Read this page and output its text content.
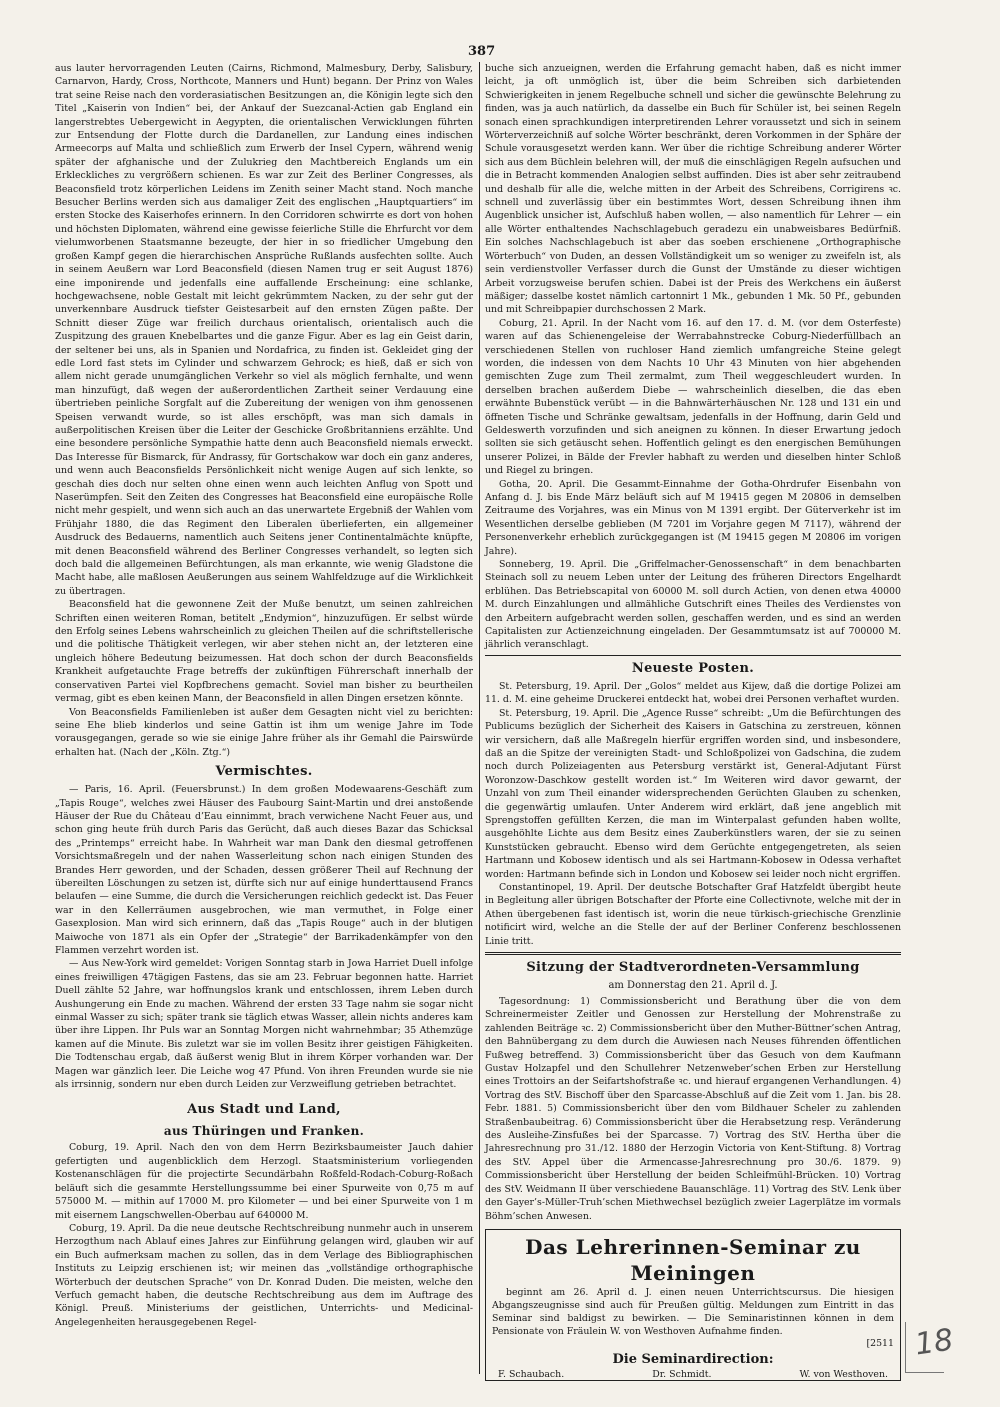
387

aus lauter hervorragenden Leuten (Cairns, Richmond, Malmesbury, Derby, Salisbury, Carnarvon, Hardy, Cross, Northcote, Manners und Hunt) begann. Der Prinz von Wales trat seine Reise nach den vorderasiatischen Besitzungen an, die Königin legte sich den Titel „Kaiserin von Indien“ bei, der Ankauf der Suezcanal-Actien gab England ein langerstrebtes Uebergewicht in Aegypten, die orientalischen Verwicklungen führten zur Entsendung der Flotte durch die Dardanellen, zur Landung eines indischen Armeecorps auf Malta und schließlich zum Erwerb der Insel Cypern, während wenig später der afghanische und der Zulukrieg den Machtbereich Englands um ein Erkleckliches zu vergrößern schienen. Es war zur Zeit des Berliner Congresses, als Beaconsfield trotz körperlichen Leidens im Zenith seiner Macht stand. Noch manche Besucher Berlins werden sich aus damaliger Zeit des englischen „Hauptquartiers“ im ersten Stocke des Kaiserhofes erinnern. In den Corridoren schwirrte es dort von hohen und höchsten Diplomaten, während eine gewisse feierliche Stille die Ehrfurcht vor dem vielumworbenen Staatsmanne bezeugte, der hier in so friedlicher Umgebung den großen Kampf gegen die hierarchischen Ansprüche Rußlands ausfechten sollte. Auch in seinem Aeußern war Lord Beaconsfield (diesen Namen trug er seit August 1876) eine imponirende und jedenfalls eine auffallende Erscheinung: eine schlanke, hochgewachsene, noble Gestalt mit leicht gekrümmtem Nacken, zu der sehr gut der unverkennbare Ausdruck tiefster Geistesarbeit auf den ernsten Zügen paßte. Der Schnitt dieser Züge war freilich durchaus orientalisch, orientalisch auch die Zuspitzung des grauen Knebelbartes und die ganze Figur. Aber es lag ein Geist darin, der seltener bei uns, als in Spanien und Nordafrica, zu finden ist. Gekleidet ging der edle Lord fast stets im Cylinder und schwarzem Gehrock; es hieß, daß er sich von allem nicht gerade unumgänglichen Verkehr so viel als möglich fernhalte, und wenn man hinzufügt, daß wegen der außerordentlichen Zartheit seiner Verdauung eine übertrieben peinliche Sorgfalt auf die Zubereitung der wenigen von ihm genossenen Speisen verwandt wurde, so ist alles erschöpft, was man sich damals in außerpolitischen Kreisen über die Leiter der Geschicke Großbritanniens erzählte. Und eine besondere persönliche Sympathie hatte denn auch Beaconsfield niemals erweckt. Das Interesse für Bismarck, für Andrassy, für Gortschakow war doch ein ganz anderes, und wenn auch Beaconsfields Persönlichkeit nicht wenige Augen auf sich lenkte, so geschah dies doch nur selten ohne einen wenn auch leichten Anflug von Spott und Naserümpfen. Seit den Zeiten des Congresses hat Beaconsfield eine europäische Rolle nicht mehr gespielt, und wenn sich auch an das unerwartete Ergebniß der Wahlen vom Frühjahr 1880, die das Regiment den Liberalen überlieferten, ein allgemeiner Ausdruck des Bedauerns, namentlich auch Seitens jener Continentalmächte knüpfte, mit denen Beaconsfield während des Berliner Congresses verhandelt, so legten sich doch bald die allgemeinen Befürchtungen, als man erkannte, wie wenig Gladstone die Macht habe, alle maßlosen Aeußerungen aus seinem Wahlfeldzuge auf die Wirklichkeit zu übertragen.

Beaconsfield hat die gewonnene Zeit der Muße benutzt, um seinen zahlreichen Schriften einen weiteren Roman, betitelt „Endymion“, hinzuzufügen. Er selbst würde den Erfolg seines Lebens wahrscheinlich zu gleichen Theilen auf die schriftstellerische und die politische Thätigkeit verlegen, wir aber stehen nicht an, der letzteren eine ungleich höhere Bedeutung beizumessen. Hat doch schon der durch Beaconsfields Krankheit aufgetauchte Frage betreffs der zukünftigen Führerschaft innerhalb der conservativen Partei viel Kopfbrechens gemacht. Soviel man bisher zu beurtheilen vermag, gibt es eben keinen Mann, der Beaconsfield in allen Dingen ersetzen könnte.

Von Beaconsfields Familienleben ist außer dem Gesagten nicht viel zu berichten: seine Ehe blieb kinderlos und seine Gattin ist ihm um wenige Jahre im Tode vorausgegangen, gerade so wie sie einige Jahre früher als ihr Gemahl die Pairswürde erhalten hat. (Nach der „Köln. Ztg.“)

Vermischtes.

— Paris, 16. April. (Feuersbrunst.) In dem großen Modewaarens-Geschäft zum „Tapis Rouge“, welches zwei Häuser des Faubourg Saint-Martin und drei anstoßende Häuser der Rue du Château d’Eau einnimmt, brach verwichene Nacht Feuer aus, und schon ging heute früh durch Paris das Gerücht, daß auch dieses Bazar das Schicksal des „Printemps“ erreicht habe. In Wahrheit war man Dank den diesmal getroffenen Vorsichtsmaßregeln und der nahen Wasserleitung schon nach einigen Stunden des Brandes Herr geworden, und der Schaden, dessen größerer Theil auf Rechnung der übereilten Löschungen zu setzen ist, dürfte sich nur auf einige hunderttausend Francs belaufen — eine Summe, die durch die Versicherungen reichlich gedeckt ist. Das Feuer war in den Kellerräumen ausgebrochen, wie man vermuthet, in Folge einer Gasexplosion. Man wird sich erinnern, daß das „Tapis Rouge“ auch in der blutigen Maiwoche von 1871 als ein Opfer der „Strategie“ der Barrikadenkämpfer von den Flammen verzehrt worden ist.

— Aus New-York wird gemeldet: Vorigen Sonntag starb in Jowa Harriet Duell infolge eines freiwilligen 47tägigen Fastens, das sie am 23. Februar begonnen hatte. Harriet Duell zählte 52 Jahre, war hoffnungslos krank und entschlossen, ihrem Leben durch Aushungerung ein Ende zu machen. Während der ersten 33 Tage nahm sie sogar nicht einmal Wasser zu sich; später trank sie täglich etwas Wasser, allein nichts anderes kam über ihre Lippen. Ihr Puls war an Sonntag Morgen nicht wahrnehmbar; 35 Athemzüge kamen auf die Minute. Bis zuletzt war sie im vollen Besitz ihrer geistigen Fähigkeiten. Die Todtenschau ergab, daß äußerst wenig Blut in ihrem Körper vorhanden war. Der Magen war gänzlich leer. Die Leiche wog 47 Pfund. Von ihren Freunden wurde sie nie als irrsinnig, sondern nur eben durch Leiden zur Verzweiflung getrieben betrachtet.

Aus Stadt und Land,
aus Thüringen und Franken.

Coburg, 19. April. Nach den von dem Herrn Bezirksbaumeister Jauch dahier gefertigten und augenblicklich dem Herzogl. Staatsministerium vorliegenden Kostenanschlägen für die projectirte Secundärbahn Roßfeld-Rodach-Coburg-Roßach beläuft sich die gesammte Herstellungssumme bei einer Spurweite von 0,75 m auf 575000 M. — mithin auf 17000 M. pro Kilometer — und bei einer Spurweite von 1 m mit eisernem Langschwellen-Oberbau auf 640000 M.

Coburg, 19. April. Da die neue deutsche Rechtschreibung nunmehr auch in unserem Herzogthum nach Ablauf eines Jahres zur Einführung gelangen wird, glauben wir auf ein Buch aufmerksam machen zu sollen, das in dem Verlage des Bibliographischen Instituts zu Leipzig erschienen ist; wir meinen das „vollständige orthographische Wörterbuch der deutschen Sprache“ von Dr. Konrad Duden. Die meisten, welche den Verfuch gemacht haben, die deutsche Rechtschreibung aus dem im Auftrage des Königl. Preuß. Ministeriums der geistlichen, Unterrichts- und Medicinal-Angelegenheiten herausgegebenen Regel-

buche sich anzueignen, werden die Erfahrung gemacht haben, daß es nicht immer leicht, ja oft unmöglich ist, über die beim Schreiben sich darbietenden Schwierigkeiten in jenem Regelbuche schnell und sicher die gewünschte Belehrung zu finden, was ja auch natürlich, da dasselbe ein Buch für Schüler ist, bei seinen Regeln sonach einen sprachkundigen interpretirenden Lehrer voraussetzt und sich in seinem Wörterverzeichniß auf solche Wörter beschränkt, deren Vorkommen in der Sphäre der Schule vorausgesetzt werden kann. Wer über die richtige Schreibung anderer Wörter sich aus dem Büchlein belehren will, der muß die einschlägigen Regeln aufsuchen und die in Betracht kommenden Analogien selbst auffinden. Dies ist aber sehr zeitraubend und deshalb für alle die, welche mitten in der Arbeit des Schreibens, Corrigirens ꝛc. schnell und zuverlässig über ein bestimmtes Wort, dessen Schreibung ihnen ihm Augenblick unsicher ist, Aufschluß haben wollen, — also namentlich für Lehrer — ein alle Wörter enthaltendes Nachschlagebuch geradezu ein unabweisbares Bedürfniß. Ein solches Nachschlagebuch ist aber das soeben erschienene „Orthographische Wörterbuch“ von Duden, an dessen Vollständigkeit um so weniger zu zweifeln ist, als sein verdienstvoller Verfasser durch die Gunst der Umstände zu dieser wichtigen Arbeit vorzugsweise berufen schien. Dabei ist der Preis des Werkchens ein äußerst mäßiger; dasselbe kostet nämlich cartonnirt 1 Mk., gebunden 1 Mk. 50 Pf., gebunden und mit Schreibpapier durchschossen 2 Mark.

Coburg, 21. April. In der Nacht vom 16. auf den 17. d. M. (vor dem Osterfeste) waren auf das Schienengeleise der Werrabahnstrecke Coburg-Niederfüllbach an verschiedenen Stellen von ruchloser Hand ziemlich umfangreiche Steine gelegt worden, die indessen von dem Nachts 10 Uhr 43 Minuten von hier abgehenden gemischten Zuge zum Theil zermalmt, zum Theil weggeschleudert wurden. In derselben brachen außerdem Diebe — wahrscheinlich dieselben, die das eben erwähnte Bubenstück verübt — in die Bahnwärterhäuschen Nr. 128 und 131 ein und öffneten Tische und Schränke gewaltsam, jedenfalls in der Hoffnung, darin Geld und Geldeswerth vorzufinden und sich aneignen zu können. In dieser Erwartung jedoch sollten sie sich getäuscht sehen. Hoffentlich gelingt es den energischen Bemühungen unserer Polizei, in Bälde der Frevler habhaft zu werden und dieselben hinter Schloß und Riegel zu bringen.

Gotha, 20. April. Die Gesammt-Einnahme der Gotha-Ohrdrufer Eisenbahn von Anfang d. J. bis Ende März beläuft sich auf M 19415 gegen M 20806 in demselben Zeitraume des Vorjahres, was ein Minus von M 1391 ergibt. Der Güterverkehr ist im Wesentlichen derselbe geblieben (M 7201 im Vorjahre gegen M 7117), während der Personenverkehr erheblich zurückgegangen ist (M 19415 gegen M 20806 im vorigen Jahre).

Sonneberg, 19. April. Die „Griffelmacher-Genossenschaft“ in dem benachbarten Steinach soll zu neuem Leben unter der Leitung des früheren Directors Engelhardt erblühen. Das Betriebscapital von 60000 M. soll durch Actien, von denen etwa 40000 M. durch Einzahlungen und allmähliche Gutschrift eines Theiles des Verdienstes von den Arbeitern aufgebracht werden sollen, geschaffen werden, und es sind an werden Capitalisten zur Actienzeichnung eingeladen. Der Gesammtumsatz ist auf 700000 M. jährlich veranschlagt.

Neueste Posten.

St. Petersburg, 19. April. Der „Golos“ meldet aus Kijew, daß die dortige Polizei am 11. d. M. eine geheime Druckerei entdeckt hat, wobei drei Personen verhaftet wurden.

St. Petersburg, 19. April. Die „Agence Russe“ schreibt: „Um die Befürchtungen des Publicums bezüglich der Sicherheit des Kaisers in Gatschina zu zerstreuen, können wir versichern, daß alle Maßregeln hierfür ergriffen worden sind, und insbesondere, daß an die Spitze der vereinigten Stadt- und Schloßpolizei von Gadschina, die zudem noch durch Polizeiagenten aus Petersburg verstärkt ist, General-Adjutant Fürst Woronzow-Daschkow gestellt worden ist.“ Im Weiteren wird davor gewarnt, der Unzahl von zum Theil einander widersprechenden Gerüchten Glauben zu schenken, die gegenwärtig umlaufen. Unter Anderem wird erklärt, daß jene angeblich mit Sprengstoffen gefüllten Kerzen, die man im Winterpalast gefunden haben wollte, ausgehöhlte Lichte aus dem Besitz eines Zauberkünstlers waren, der sie zu seinen Kunststücken gebraucht. Ebenso wird dem Gerüchte entgegengetreten, als seien Hartmann und Kobosew identisch und als sei Hartmann-Kobosew in Odessa verhaftet worden: Hartmann befinde sich in London und Kobosew sei leider noch nicht ergriffen.

Constantinopel, 19. April. Der deutsche Botschafter Graf Hatzfeldt übergibt heute in Begleitung aller übrigen Botschafter der Pforte eine Collectivnote, welche mit der in Athen übergebenen fast identisch ist, worin die neue türkisch-griechische Grenzlinie notificirt wird, welche an die Stelle der auf der Berliner Conferenz beschlossenen Linie tritt.

Sitzung der Stadtverordneten-Versammlung
am Donnerstag den 21. April d. J.

Tagesordnung: 1) Commissionsbericht und Berathung über die von dem Schreinermeister Zeitler und Genossen zur Herstellung der Mohrenstraße zu zahlenden Beiträge ꝛc. 2) Commissionsbericht über den Muther-Büttner’schen Antrag, den Bahnübergang zu dem durch die Auwiesen nach Neuses führenden öffentlichen Fußweg betreffend. 3) Commissionsbericht über das Gesuch von dem Kaufmann Gustav Holzapfel und den Schullehrer Netzenweber’schen Erben zur Herstellung eines Trottoirs an der Seifartshofstraße ꝛc. und hierauf ergangenen Verhandlungen. 4) Vortrag des StV. Bischoff über den Sparcasse-Abschluß auf die Zeit vom 1. Jan. bis 28. Febr. 1881. 5) Commissionsbericht über den vom Bildhauer Scheler zu zahlenden Straßenbaubeitrag. 6) Commissionsbericht über die Herabsetzung resp. Veränderung des Ausleihe-Zinsfußes bei der Sparcasse. 7) Vortrag des StV. Hertha über die Jahresrechnung pro 31./12. 1880 der Herzogin Victoria von Kent-Stiftung. 8) Vortrag des StV. Appel über die Armencasse-Jahresrechnung pro 30./6. 1879. 9) Commissionsbericht über Herstellung der beiden Schleifmühl-Brücken. 10) Vortrag des StV. Weidmann II über verschiedene Bauanschläge. 11) Vortrag des StV. Lenk über den Gayer’s-Müller-Truh’schen Miethwechsel bezüglich zweier Lagerplätze im vormals Böhm’schen Anwesen.

Das Lehrerinnen-Seminar zu Meiningen

beginnt am 26. April d. J. einen neuen Unterrichtscursus. Die hiesigen Abgangszeugnisse sind auch für Preußen gültig. Meldungen zum Eintritt in das Seminar sind baldigst zu bewirken. — Die Seminaristinnen können in dem Pensionate von Fräulein W. von Westhoven Aufnahme finden.

[2511
Die Seminardirection:
F. Schaubach.	Dr. Schmidt.	W. von Westhoven.
18
